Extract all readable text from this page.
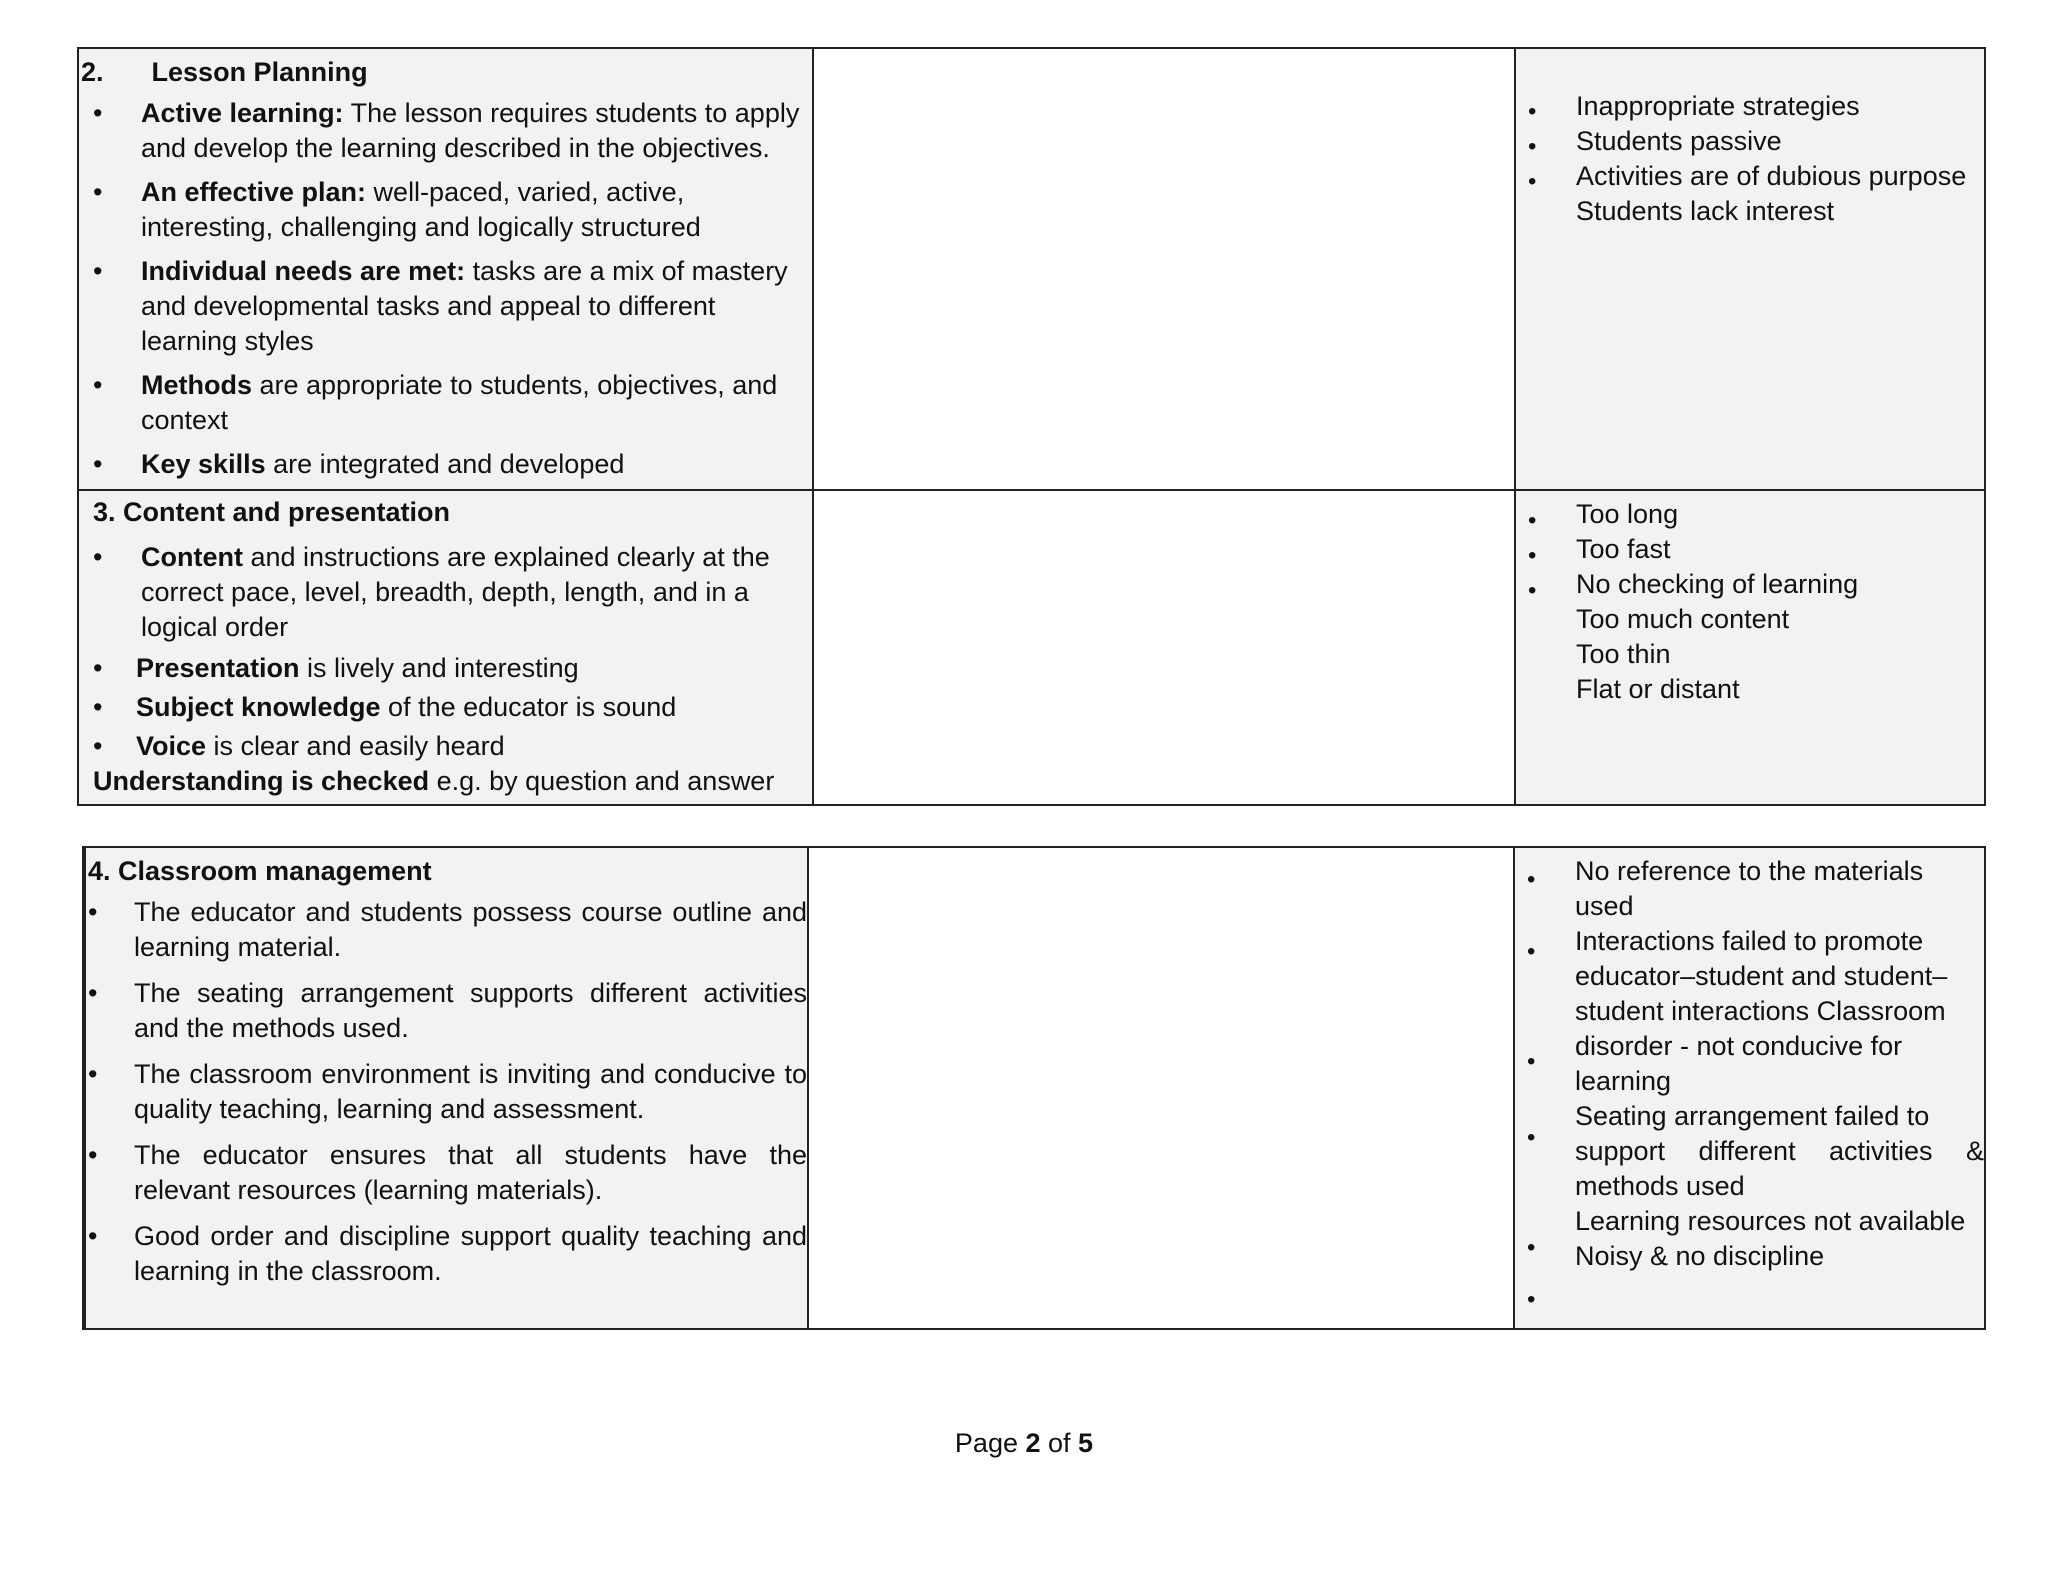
2. Lesson Planning
• Active learning: The lesson requires students to apply and develop the learning described in the objectives.
• An effective plan: well-paced, varied, active, interesting, challenging and logically structured
• Individual needs are met: tasks are a mix of mastery and developmental tasks and appeal to different learning styles
• Methods are appropriate to students, objectives, and context
• Key skills are integrated and developed
•
•
•
Inappropriate strategies
Students passive
Activities are of dubious purpose
Students lack interest
3. Content and presentation
• Content and instructions are explained clearly at the correct pace, level, breadth, depth, length, and in a logical order
• Presentation is lively and interesting
• Subject knowledge of the educator is sound
• Voice is clear and easily heard
Understanding is checked e.g. by question and answer
•
•
•
Too long
Too fast
No checking of learning
Too much content
Too thin
Flat or distant
4. Classroom management
• The educator and students possess course outline and learning material.
• The seating arrangement supports different activities and the methods used.
• The classroom environment is inviting and conducive to quality teaching, learning and assessment.
• The educator ensures that all students have the relevant resources (learning materials).
• Good order and discipline support quality teaching and learning in the classroom.
•
•
•
•
•
•
No reference to the materials
used
Interactions failed to promote
educator–student and student–
student interactions Classroom
disorder - not conducive for
learning
Seating arrangement failed to
support different activities &
methods used
Learning resources not available
Noisy & no discipline
Page 2 of 5
